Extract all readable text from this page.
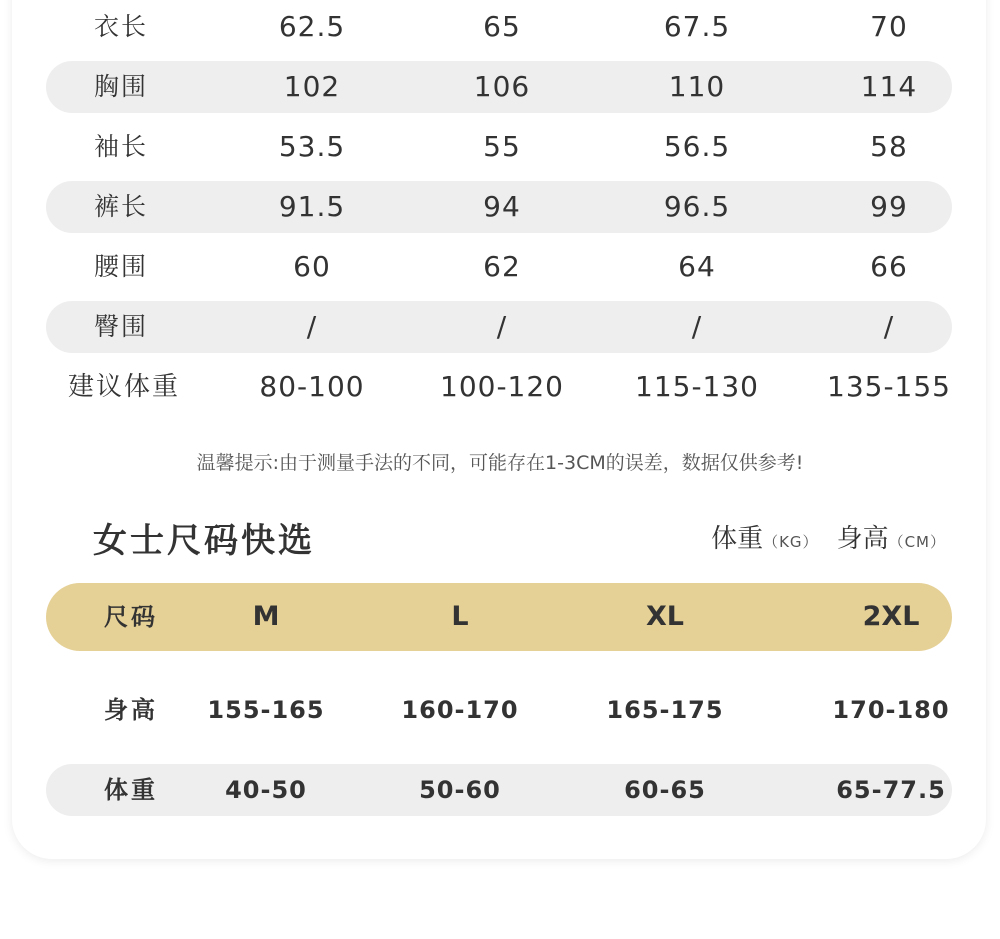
衣长	62.5	65	67.5	70
胸围	102	106	110	114
袖长	53.5	55	56.5	58
裤长	91.5	94	96.5	99
腰围	60	62	64	66
臀围	/	/	/	/
建议体重	80-100	100-120	115-130	135-155
温馨提示:由于测量手法的不同，可能存在1-3CM的误差，数据仅供参考!
女士尺码快选	体重（KG） 身高（CM）
尺码	M	L	XL	2XL
身高	155-165	160-170	165-175	170-180
体重	40-50	50-60	60-65	65-77.5
